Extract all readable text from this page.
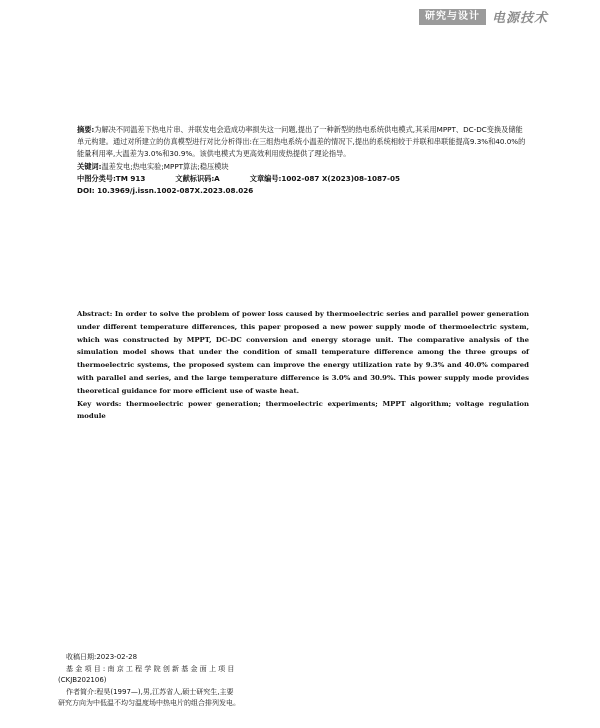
研究与设计 电源技术

摘要:为解决不同温差下热电片串、并联发电会造成功率损失这一问题,提出了一种新型的热电系统供电模式,其采用MPPT、DC-DC变换及储能单元构建。通过对所建立的仿真模型进行对比分析得出:在三组热电系统小温差的情况下,提出的系统相较于并联和串联能提高9.3%和40.0%的能量利用率,大温差为3.0%和30.9%。该供电模式为更高效利用废热提供了理论指导。

关键词:温差发电;热电实验;MPPT算法;稳压模块

中图分类号:TM 913	文献标识码:A	文章编号:1002-087 X(2023)08-1087-05

DOI: 10.3969/j.issn.1002-087X.2023.08.026

Abstract: In order to solve the problem of power loss caused by thermoelectric series and parallel power generation under different temperature differences, this paper proposed a new power supply mode of thermoelectric system, which was constructed by MPPT, DC-DC conversion and energy storage unit. The comparative analysis of the simulation model shows that under the condition of small temperature difference among the three groups of thermoelectric systems, the proposed system can improve the energy utilization rate by 9.3% and 40.0% compared with parallel and series, and the large temperature difference is 3.0% and 30.9%. This power supply mode provides theoretical guidance for more efficient use of waste heat.

Key words: thermoelectric power generation; thermoelectric experiments; MPPT algorithm; voltage regulation module

收稿日期:2023-02-28

基 金 项 目 : 南 京 工 程 学 院 创 新 基 金 面 上 项 目

(CKJB202106)

作者简介:程昊(1997—),男,江苏省人,硕士研究生,主要

研究方向为中低温不均匀温度场中热电片的组合排列发电。
